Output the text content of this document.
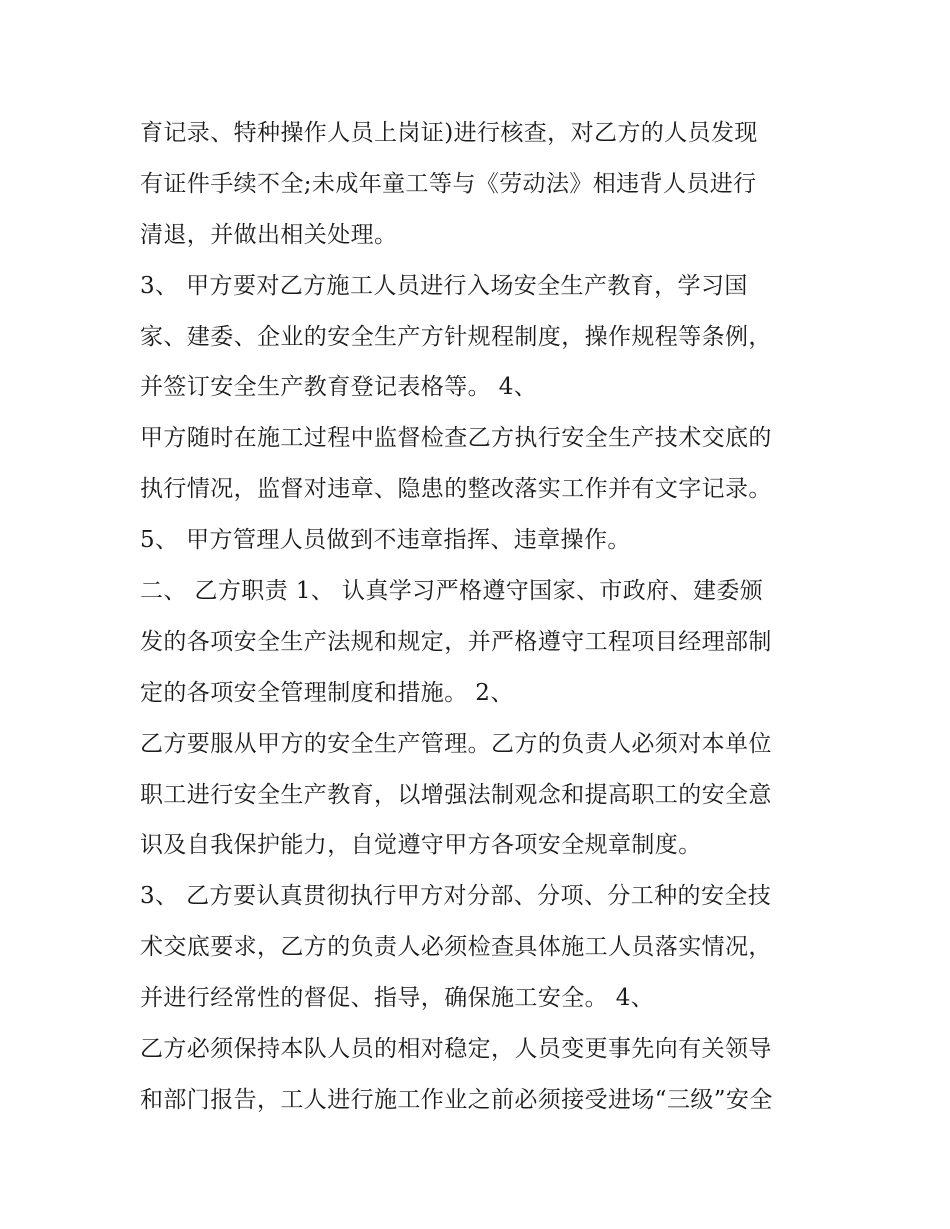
育记录、特种操作人员上岗证)进行核查，对乙方的人员发现
有证件手续不全;未成年童工等与《劳动法》相违背人员进行
清退，并做出相关处理。
3、 甲方要对乙方施工人员进行入场安全生产教育，学习国
家、建委、企业的安全生产方针规程制度，操作规程等条例，
并签订安全生产教育登记表格等。 4、
甲方随时在施工过程中监督检查乙方执行安全生产技术交底的
执行情况，监督对违章、隐患的整改落实工作并有文字记录。
5、 甲方管理人员做到不违章指挥、违章操作。
二、 乙方职责 1、 认真学习严格遵守国家、市政府、建委颁
发的各项安全生产法规和规定，并严格遵守工程项目经理部制
定的各项安全管理制度和措施。 2、
乙方要服从甲方的安全生产管理。乙方的负责人必须对本单位
职工进行安全生产教育，以增强法制观念和提高职工的安全意
识及自我保护能力，自觉遵守甲方各项安全规章制度。
3、 乙方要认真贯彻执行甲方对分部、分项、分工种的安全技
术交底要求，乙方的负责人必须检查具体施工人员落实情况，
并进行经常性的督促、指导，确保施工安全。 4、
乙方必须保持本队人员的相对稳定，人员变更事先向有关领导
和部门报告，工人进行施工作业之前必须接受进场“三级”安全
